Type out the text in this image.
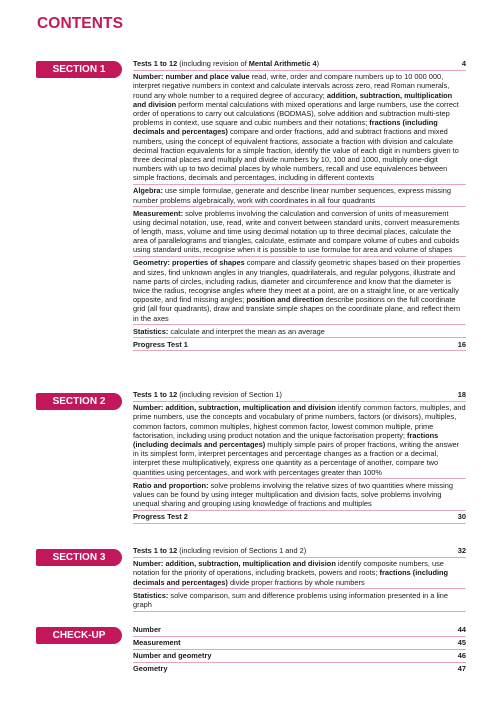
CONTENTS
SECTION 1
Tests 1 to 12 (including revision of Mental Arithmetic 4)	4
Number: number and place value read, write, order and compare numbers up to 10 000 000, interpret negative numbers in context and calculate intervals across zero, read Roman numerals, round any whole number to a required degree of accuracy; addition, subtraction, multiplication and division perform mental calculations with mixed operations and large numbers, use the correct order of operations to carry out calculations (BODMAS), solve addition and subtraction multi-step problems in context, use square and cubic numbers and their notations; fractions (including decimals and percentages) compare and order fractions, add and subtract fractions and mixed numbers, using the concept of equivalent fractions, associate a fraction with division and calculate decimal fraction equivalents for a simple fraction, identify the value of each digit in numbers given to three decimal places and multiply and divide numbers by 10, 100 and 1000, multiply one-digit numbers with up to two decimal places by whole numbers, recall and use equivalences between simple fractions, decimals and percentages, including in different contexts
Algebra: use simple formulae, generate and describe linear number sequences, express missing number problems algebraically, work with coordinates in all four quadrants
Measurement: solve problems involving the calculation and conversion of units of measurement using decimal notation, use, read, write and convert between standard units, convert measurements of length, mass, volume and time using decimal notation up to three decimal places, calculate the area of parallelograms and triangles, calculate, estimate and compare volume of cubes and cuboids using standard units, recognise when it is possible to use formulae for area and volume of shapes
Geometry: properties of shapes compare and classify geometric shapes based on their properties and sizes, find unknown angles in any triangles, quadrilaterals, and regular polygons, illustrate and name parts of circles, including radius, diameter and circumference and know that the diameter is twice the radius, recognise angles where they meet at a point, are on a straight line, or are vertically opposite, and find missing angles; position and direction describe positions on the full coordinate grid (all four quadrants), draw and translate simple shapes on the coordinate plane, and reflect them in the axes
Statistics: calculate and interpret the mean as an average
Progress Test 1	16
SECTION 2
Tests 1 to 12 (including revision of Section 1)	18
Number: addition, subtraction, multiplication and division identify common factors, multiples, and prime numbers, use the concepts and vocabulary of prime numbers, factors (or divisors), multiples, common factors, common multiples, highest common factor, lowest common multiple, prime factorisation, including using product notation and the unique factorisation property; fractions (including decimals and percentages) multiply simple pairs of proper fractions, writing the answer in its simplest form, interpret percentages and percentage changes as a fraction or a decimal, interpret these multiplicatively, express one quantity as a percentage of another, compare two quantities using percentages, and work with percentages greater than 100%
Ratio and proportion: solve problems involving the relative sizes of two quantities where missing values can be found by using integer multiplication and division facts, solve problems involving unequal sharing and grouping using knowledge of fractions and multiples
Progress Test 2	30
SECTION 3
Tests 1 to 12 (including revision of Sections 1 and 2)	32
Number: addition, subtraction, multiplication and division identify composite numbers, use notation for the priority of operations, including brackets, powers and roots; fractions (including decimals and percentages) divide proper fractions by whole numbers
Statistics: solve comparison, sum and difference problems using information presented in a line graph
CHECK-UP TESTS
Number	44
Measurement	45
Number and geometry	46
Geometry	47
